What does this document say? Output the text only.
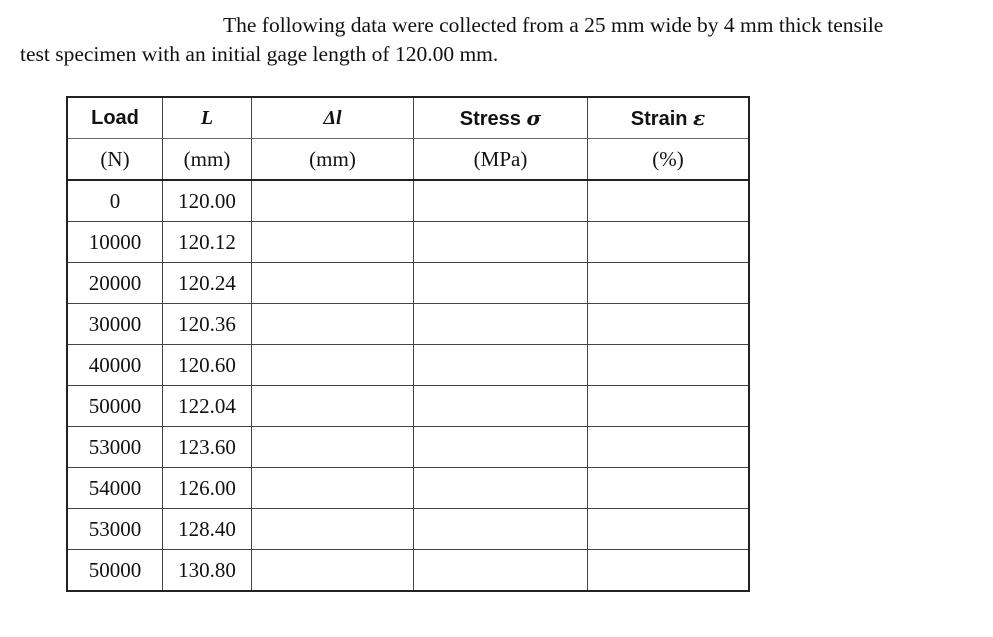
The following data were collected from a 25 mm wide by 4 mm thick tensile
test specimen with an initial gage length of 120.00 mm.
Load	L	Δl	Stress σ	Strain ε
(N)	(mm)	(mm)	(MPa)	(%)
0	120.00			
10000	120.12			
20000	120.24			
30000	120.36			
40000	120.60			
50000	122.04			
53000	123.60			
54000	126.00			
53000	128.40			
50000	130.80			
